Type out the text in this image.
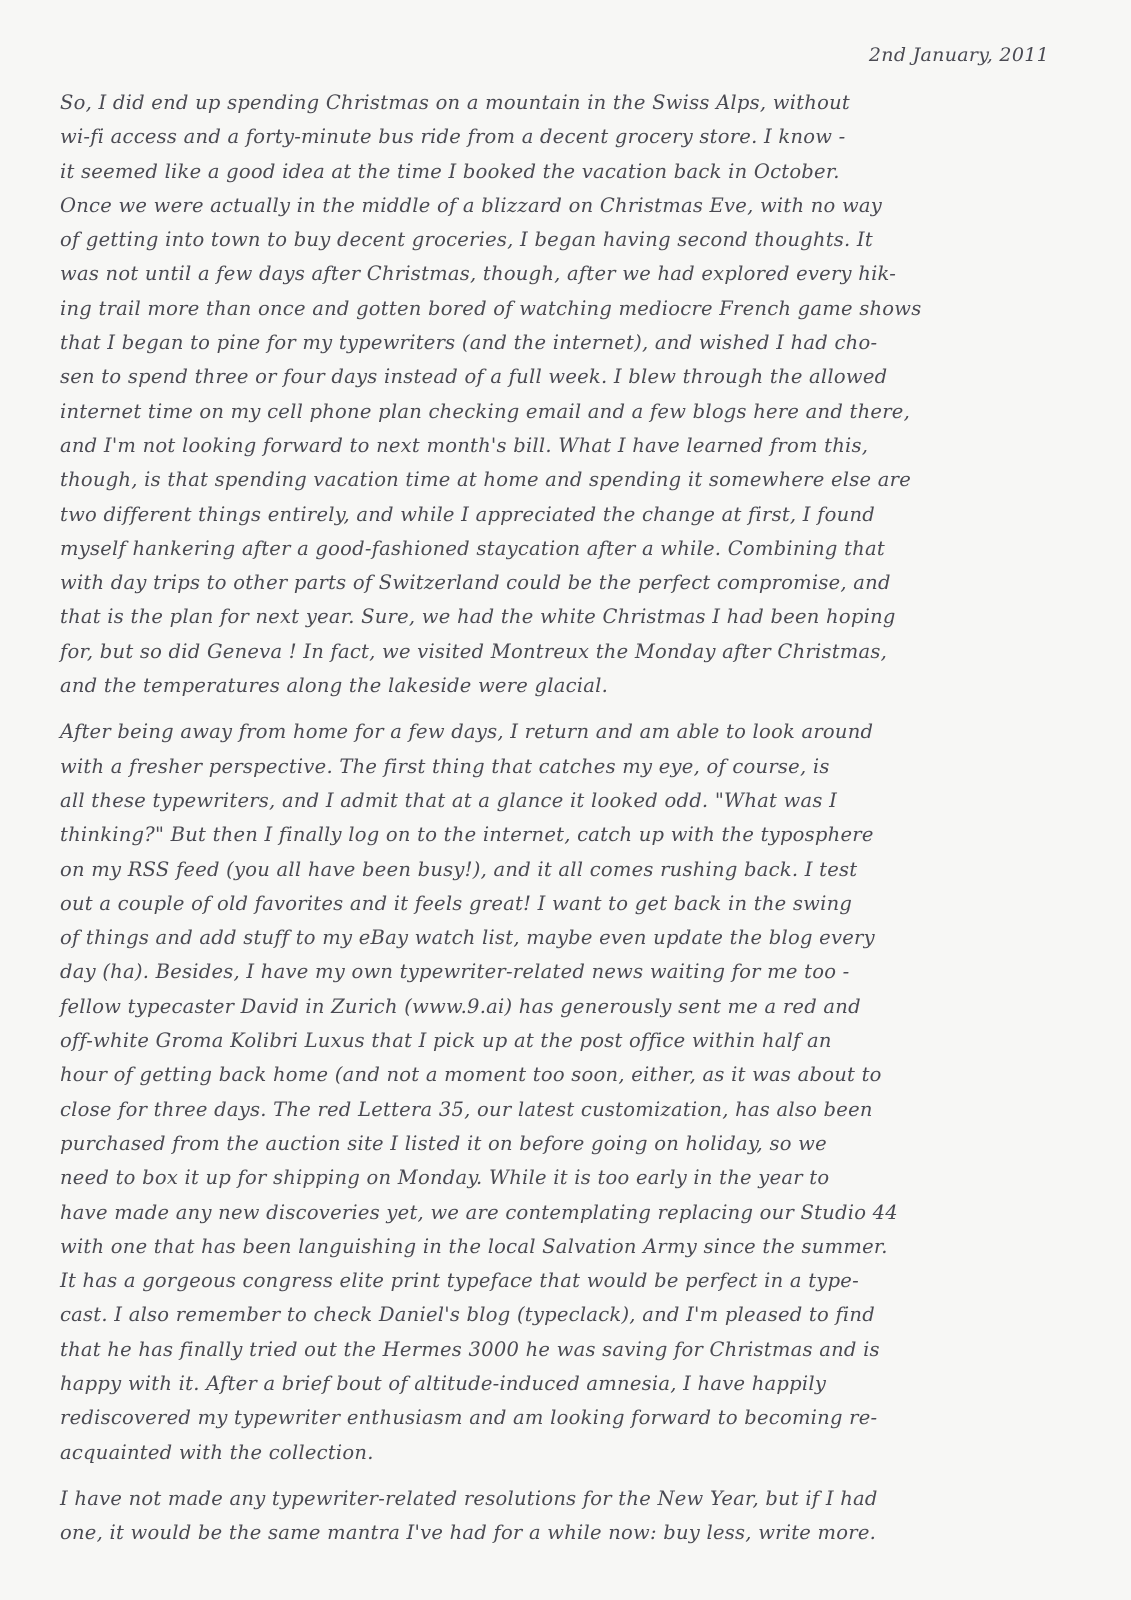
2nd January, 2011
So, I did end up spending Christmas on a mountain in the Swiss Alps, without
wi-fi access and a forty-minute bus ride from a decent grocery store. I know -
it seemed like a good idea at the time I booked the vacation back in October.
Once we were actually in the middle of a blizzard on Christmas Eve, with no way
of getting into town to buy decent groceries, I began having second thoughts. It
was not until a few days after Christmas, though, after we had explored every hik-
ing trail more than once and gotten bored of watching mediocre French game shows
that I began to pine for my typewriters (and the internet), and wished I had cho-
sen to spend three or four days instead of a full week. I blew through the allowed
internet time on my cell phone plan checking email and a few blogs here and there,
and I'm not looking forward to next month's bill. What I have learned from this,
though, is that spending vacation time at home and spending it somewhere else are
two different things entirely, and while I appreciated the change at first, I found
myself hankering after a good-fashioned staycation after a while. Combining that
with day trips to other parts of Switzerland could be the perfect compromise, and
that is the plan for next year. Sure, we had the white Christmas I had been hoping
for, but so did Geneva ! In fact, we visited Montreux the Monday after Christmas,
and the temperatures along the lakeside were glacial.
After being away from home for a few days, I return and am able to look around
with a fresher perspective. The first thing that catches my eye, of course, is
all these typewriters, and I admit that at a glance it looked odd. "What was I
thinking?" But then I finally log on to the internet, catch up with the typosphere
on my RSS feed (you all have been busy!), and it all comes rushing back. I test
out a couple of old favorites and it feels great! I want to get back in the swing
of things and add stuff to my eBay watch list, maybe even update the blog every
day (ha). Besides, I have my own typewriter-related news waiting for me too -
fellow typecaster David in Zurich (www.9.ai) has generously sent me a red and
off-white Groma Kolibri Luxus that I pick up at the post office within half an
hour of getting back home (and not a moment too soon, either, as it was about to
close for three days. The red Lettera 35, our latest customization, has also been
purchased from the auction site I listed it on before going on holiday, so we
need to box it up for shipping on Monday. While it is too early in the year to
have made any new discoveries yet, we are contemplating replacing our Studio 44
with one that has been languishing in the local Salvation Army since the summer.
It has a gorgeous congress elite print typeface that would be perfect in a type-
cast. I also remember to check Daniel's blog (typeclack), and I'm pleased to find
that he has finally tried out the Hermes 3000 he was saving for Christmas and is
happy with it. After a brief bout of altitude-induced amnesia, I have happily
rediscovered my typewriter enthusiasm and am looking forward to becoming re-
acquainted with the collection.
I have not made any typewriter-related resolutions for the New Year, but if I had
one, it would be the same mantra I've had for a while now: buy less, write more.
